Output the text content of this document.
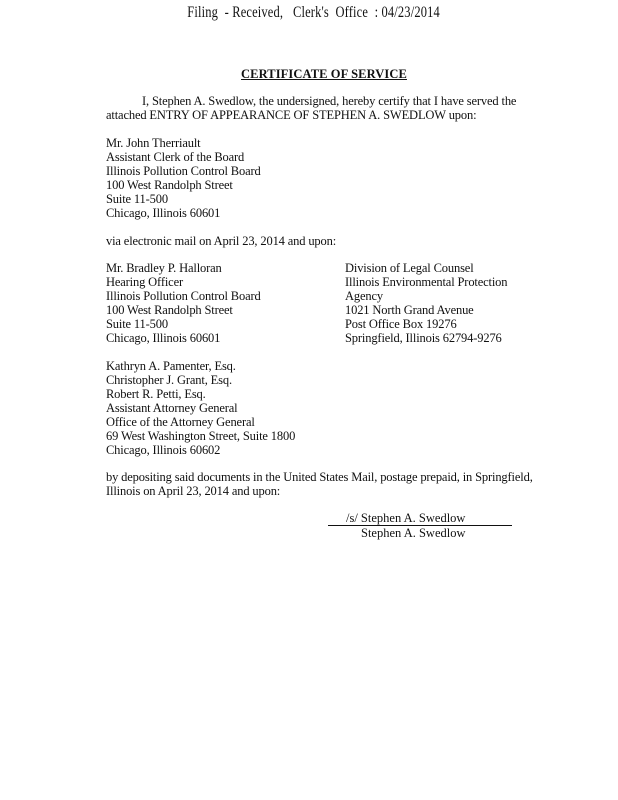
Filing  - Received,   Clerk's  Office  : 04/23/2014
CERTIFICATE OF SERVICE
I, Stephen A. Swedlow, the undersigned, hereby certify that I have served the attached ENTRY OF APPEARANCE OF STEPHEN A. SWEDLOW upon:
Mr. John Therriault
Assistant Clerk of the Board
Illinois Pollution Control Board
100 West Randolph Street
Suite 11-500
Chicago, Illinois 60601
via electronic mail on April 23, 2014 and upon:
Mr. Bradley P. Halloran
Hearing Officer
Illinois Pollution Control Board
100 West Randolph Street
Suite 11-500
Chicago, Illinois 60601
Division of Legal Counsel
Illinois Environmental Protection
Agency
1021 North Grand Avenue
Post Office Box 19276
Springfield, Illinois 62794-9276
Kathryn A. Pamenter, Esq.
Christopher J. Grant, Esq.
Robert R. Petti, Esq.
Assistant Attorney General
Office of the Attorney General
69 West Washington Street, Suite 1800
Chicago, Illinois 60602
by depositing said documents in the United States Mail, postage prepaid, in Springfield, Illinois on April 23, 2014 and upon:
/s/ Stephen A. Swedlow
Stephen A. Swedlow
